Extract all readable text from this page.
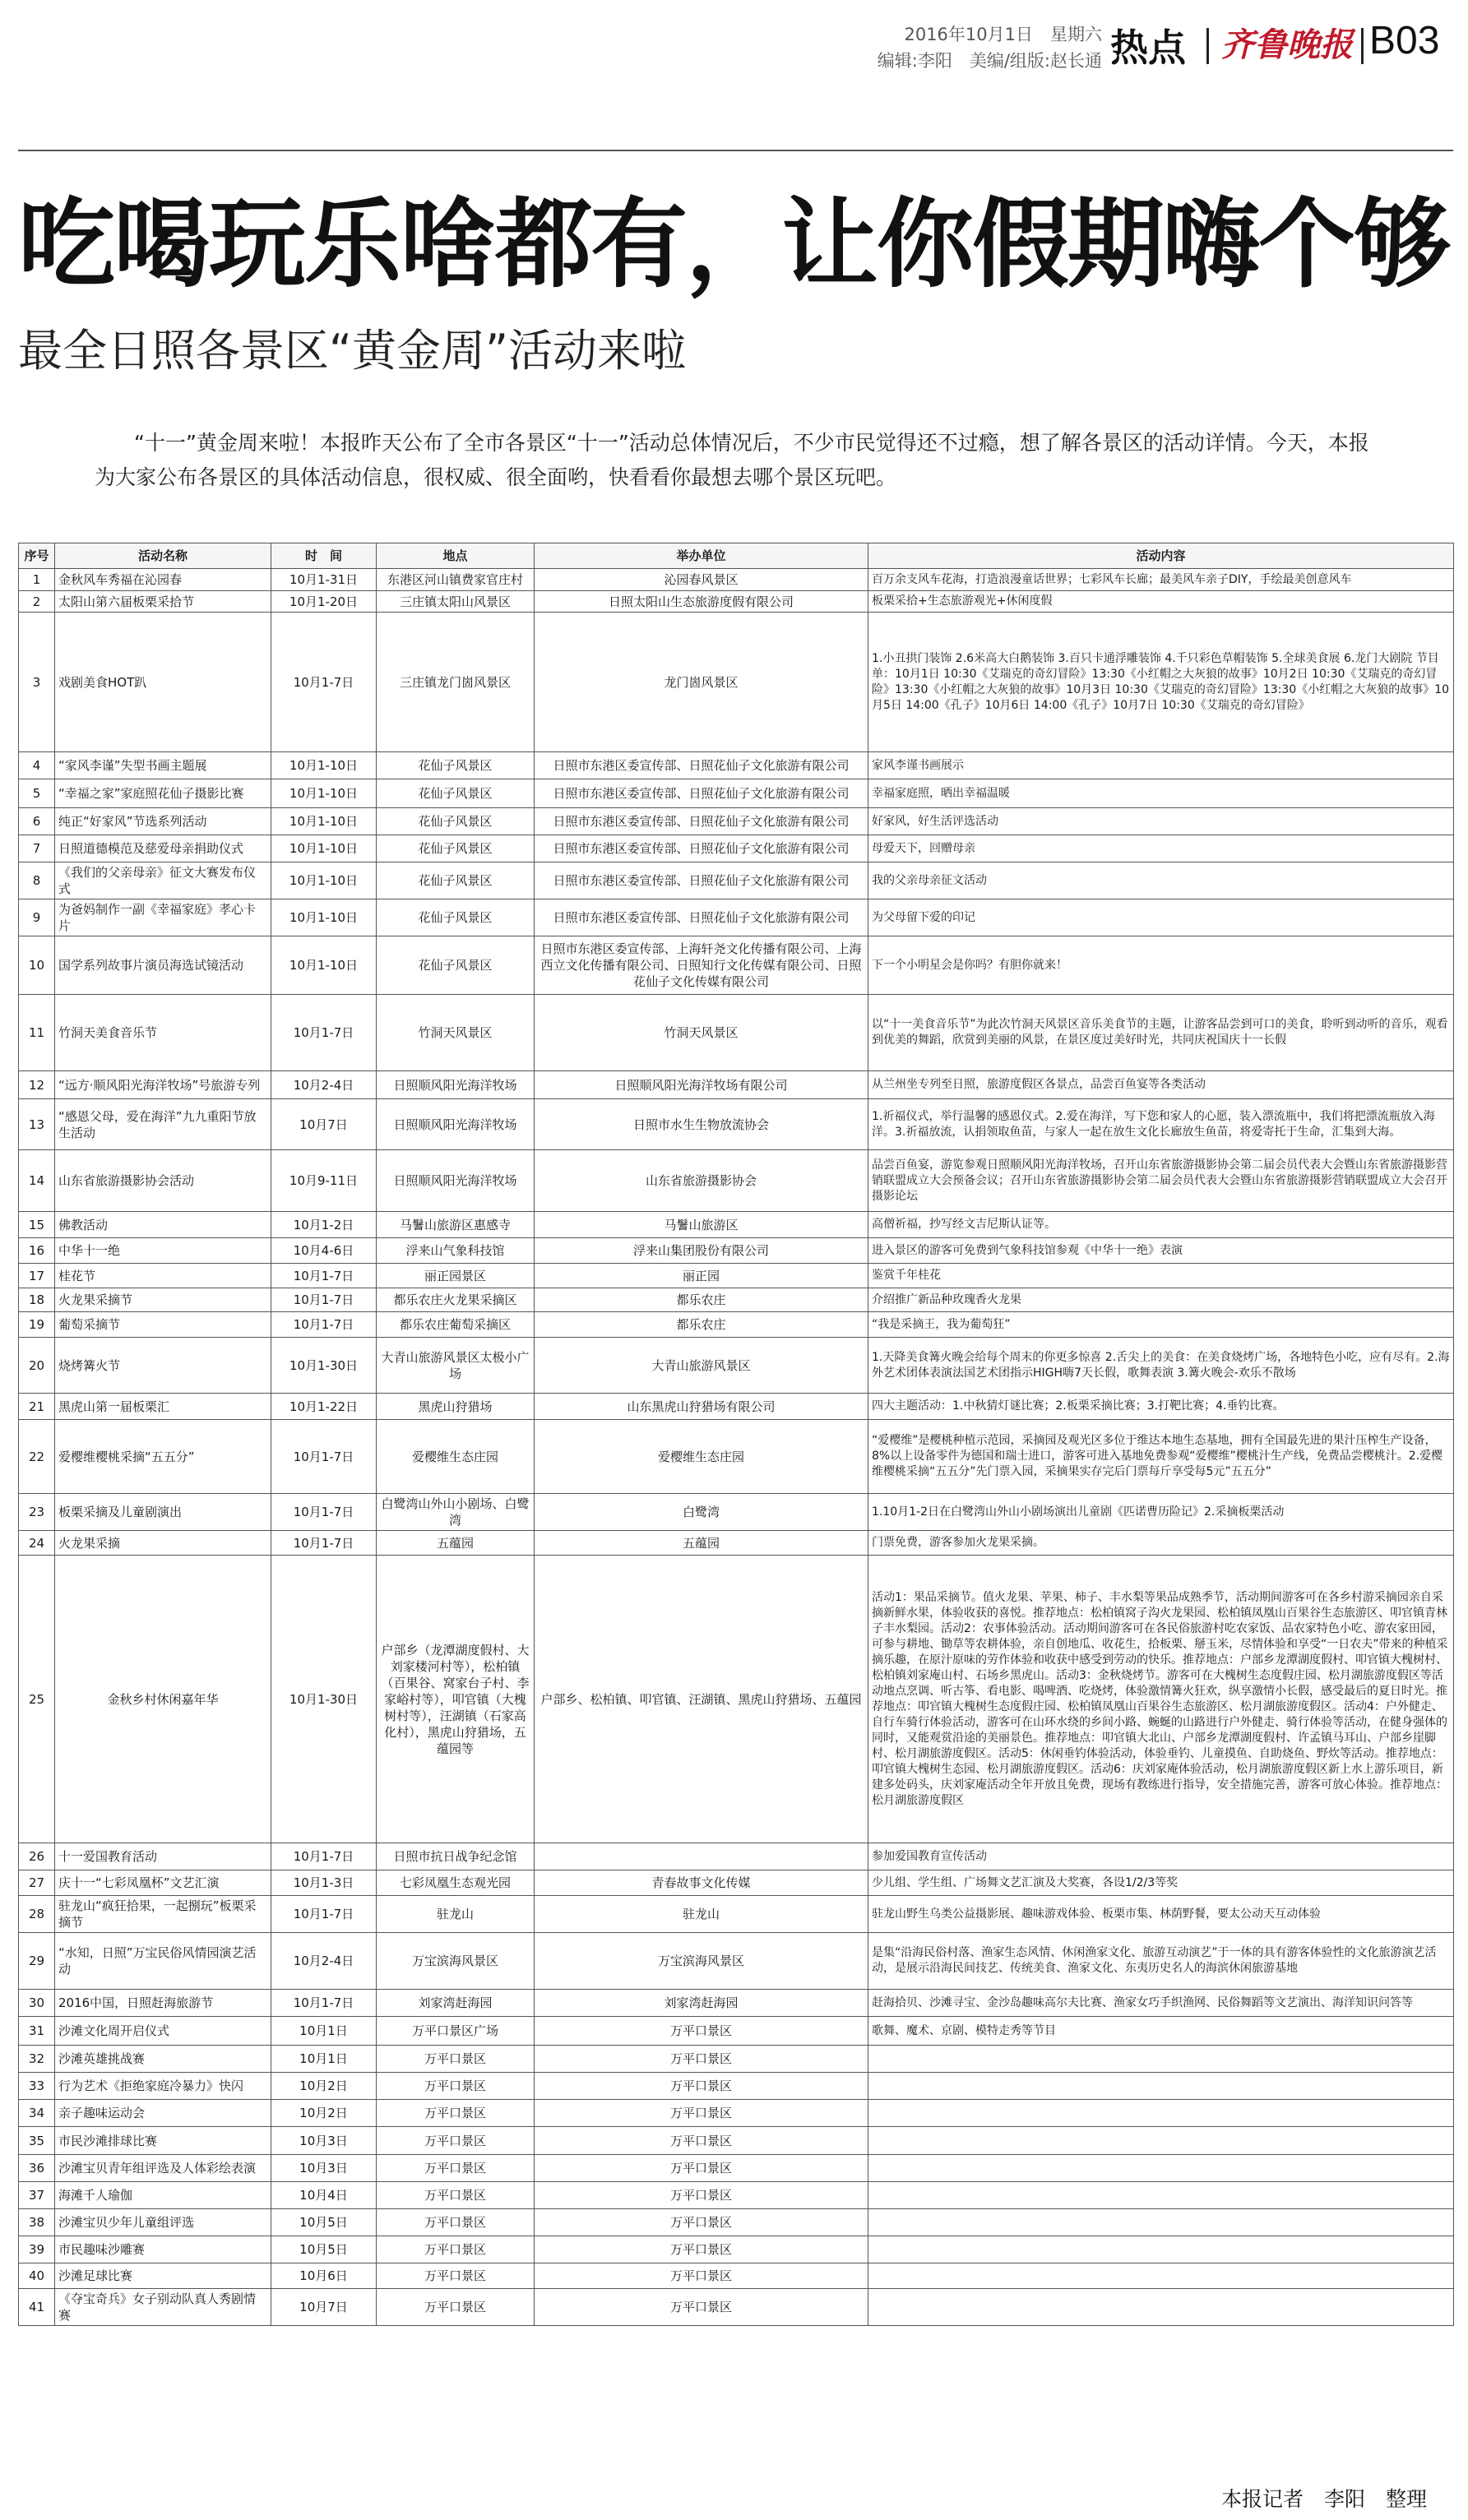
2016年10月1日　星期六
编辑:李阳　美编/组版:赵长通 热点 齐鲁晚报 B03
吃喝玩乐啥都有，让你假期嗨个够
最全日照各景区“黄金周”活动来啦
“十一”黄金周来啦！本报昨天公布了全市各景区“十一”活动总体情况后，不少市民觉得还不过瘾，想了解各景区的活动详情。今天，本报为大家公布各景区的具体活动信息，很权威、很全面哟，快看看你最想去哪个景区玩吧。
序号	活动名称	时　间	地点	举办单位	活动内容
1	金秋风车秀福在沁园春	10月1-31日	东港区河山镇费家官庄村	沁园春风景区	百万余支风车花海，打造浪漫童话世界；七彩风车长廊；最美风车亲子DIY，手绘最美创意风车
2	太阳山第六届板栗采拾节	10月1-20日	三庄镇太阳山风景区	日照太阳山生态旅游度假有限公司	板栗采拾+生态旅游观光+休闲度假
3	戏剧美食HOT趴	10月1-7日	三庄镇龙门崮风景区	龙门崮风景区	1.小丑拱门装饰 2.6米高大白鹅装饰 3.百只卡通浮雕装饰 4.千只彩色草帽装饰 5.全球美食展 6.龙门大剧院 节目单：10月1日 10:30《艾瑞克的奇幻冒险》13:30《小红帽之大灰狼的故事》10月2日 10:30《艾瑞克的奇幻冒险》13:30《小红帽之大灰狼的故事》10月3日 10:30《艾瑞克的奇幻冒险》13:30《小红帽之大灰狼的故事》10月5日 14:00《孔子》10月6日 14:00《孔子》10月7日 10:30《艾瑞克的奇幻冒险》
4	“家风李谨”失型书画主题展	10月1-10日	花仙子风景区	日照市东港区委宣传部、日照花仙子文化旅游有限公司	家风李谨书画展示
5	“幸福之家”家庭照花仙子摄影比赛	10月1-10日	花仙子风景区	日照市东港区委宣传部、日照花仙子文化旅游有限公司	幸福家庭照，晒出幸福温暖
6	纯正“好家风”节选系列活动	10月1-10日	花仙子风景区	日照市东港区委宣传部、日照花仙子文化旅游有限公司	好家风，好生活评选活动
7	日照道德模范及慈爱母亲捐助仪式	10月1-10日	花仙子风景区	日照市东港区委宣传部、日照花仙子文化旅游有限公司	母爱天下，回赠母亲
8	《我们的父亲母亲》征文大赛发布仪式	10月1-10日	花仙子风景区	日照市东港区委宣传部、日照花仙子文化旅游有限公司	我的父亲母亲征文活动
9	为爸妈制作一副《幸福家庭》孝心卡片	10月1-10日	花仙子风景区	日照市东港区委宣传部、日照花仙子文化旅游有限公司	为父母留下爱的印记
10	国学系列故事片演员海选试镜活动	10月1-10日	花仙子风景区	日照市东港区委宣传部、上海轩尧文化传播有限公司、上海西立文化传播有限公司、日照知行文化传媒有限公司、日照花仙子文化传媒有限公司	下一个小明星会是你吗？有胆你就来！
11	竹洞天美食音乐节	10月1-7日	竹洞天风景区	竹洞天风景区	以“十一美食音乐节”为此次竹洞天风景区音乐美食节的主题，让游客品尝到可口的美食，聆听到动听的音乐，观看到优美的舞蹈，欣赏到美丽的风景，在景区度过美好时光，共同庆祝国庆十一长假
12	“远方·顺风阳光海洋牧场”号旅游专列	10月2-4日	日照顺风阳光海洋牧场	日照顺风阳光海洋牧场有限公司	从兰州坐专列至日照，旅游度假区各景点，品尝百鱼宴等各类活动
13	“感恩父母，爱在海洋”九九重阳节放生活动	10月7日	日照顺风阳光海洋牧场	日照市水生生物放流协会	1.祈福仪式，举行温馨的感恩仪式。2.爱在海洋，写下您和家人的心愿，装入漂流瓶中，我们将把漂流瓶放入海洋。3.祈福放流，认捐领取鱼苗，与家人一起在放生文化长廊放生鱼苗，将爱寄托于生命，汇集到大海。
14	山东省旅游摄影协会活动	10月9-11日	日照顺风阳光海洋牧场	山东省旅游摄影协会	品尝百鱼宴，游览参观日照顺风阳光海洋牧场，召开山东省旅游摄影协会第二届会员代表大会暨山东省旅游摄影营销联盟成立大会预备会议；召开山东省旅游摄影协会第二届会员代表大会暨山东省旅游摄影营销联盟成立大会召开摄影论坛
15	佛教活动	10月1-2日	马鬐山旅游区惠感寺	马鬐山旅游区	高僧祈福，抄写经文吉尼斯认证等。
16	中华十一绝	10月4-6日	浮来山气象科技馆	浮来山集团股份有限公司	进入景区的游客可免费到气象科技馆参观《中华十一绝》表演
17	桂花节	10月1-7日	丽正园景区	丽正园	鉴赏千年桂花
18	火龙果采摘节	10月1-7日	都乐农庄火龙果采摘区	都乐农庄	介绍推广新品种玫瑰香火龙果
19	葡萄采摘节	10月1-7日	都乐农庄葡萄采摘区	都乐农庄	“我是采摘王，我为葡萄狂”
20	烧烤篝火节	10月1-30日	大青山旅游风景区太极小广场	大青山旅游风景区	1.天降美食篝火晚会给每个周末的你更多惊喜 2.舌尖上的美食：在美食烧烤广场，各地特色小吃，应有尽有。2.海外艺术团体表演法国艺术团指示HIGH嗨7天长假，歌舞表演 3.篝火晚会-欢乐不散场
21	黑虎山第一届板栗汇	10月1-22日	黑虎山狩猎场	山东黑虎山狩猎场有限公司	四大主题活动：1.中秋猜灯谜比赛；2.板栗采摘比赛；3.打靶比赛；4.垂钓比赛。
22	爱樱维樱桃采摘“五五分”	10月1-7日	爱樱维生态庄园	爱樱维生态庄园	“爱樱维”是樱桃种植示范园，采摘园及观光区多位于维达本地生态基地，拥有全国最先进的果汁压榨生产设备，8%以上设备零件为德国和瑞士进口，游客可进入基地免费参观“爱樱维”樱桃汁生产线，免费品尝樱桃汁。2.爱樱维樱桃采摘“五五分”先门票入园，采摘果实存完后门票每斤享受每5元”五五分”
23	板栗采摘及儿童剧演出	10月1-7日	白鹭湾山外山小剧场、白鹭湾	白鹭湾	1.10月1-2日在白鹭湾山外山小剧场演出儿童剧《匹诺曹历险记》2.采摘板栗活动
24	火龙果采摘	10月1-7日	五蕴园	五蕴园	门票免费，游客参加火龙果采摘。
25	金秋乡村休闲嘉年华	10月1-30日	户部乡（龙潭湖度假村、大刘家楼河村等），松柏镇（百果谷、窝家台子村、李家峪村等），叩官镇（大槐树村等），汪湖镇（石家高化村），黑虎山狩猎场，五蕴园等	户部乡、松柏镇、叩官镇、汪湖镇、黑虎山狩猎场、五蕴园	活动1：果品采摘节。值火龙果、苹果、柿子、丰水梨等果品成熟季节，活动期间游客可在各乡村游采摘园亲自采摘新鲜水果，体验收获的喜悦。推荐地点：松柏镇窝子沟火龙果园、松柏镇凤凰山百果谷生态旅游区、叩官镇青林子丰水梨园。活动2：农事体验活动。活动期间游客可在各民俗旅游村吃农家饭、品农家特色小吃、游农家田园，可参与耕地、锄草等农耕体验，亲自创地瓜、收花生，拾板栗、掰玉米，尽情体验和享受“一日农夫”带来的种植采摘乐趣，在原汁原味的劳作体验和收获中感受到劳动的快乐。推荐地点：户部乡龙潭湖度假村、叩官镇大槐树村、松柏镇刘家庵山村、石场乡黑虎山。活动3：金秋烧烤节。游客可在大槐树生态度假庄园、松月湖旅游度假区等活动地点烹调、听古筝、看电影、喝啤酒、吃烧烤，体验激情篝火狂欢，纵享激情小长假，感受最后的夏日时光。推荐地点：叩官镇大槐树生态度假庄园、松柏镇凤凰山百果谷生态旅游区、松月湖旅游度假区。活动4：户外健走、自行车骑行体验活动，游客可在山环水绕的乡间小路、蜿蜒的山路进行户外健走、骑行体验等活动，在健身强体的同时，又能观赏沿途的美丽景色。推荐地点：叩官镇大北山、户部乡龙潭湖度假村、许孟镇马耳山、户部乡崖脚村、松月湖旅游度假区。活动5：休闲垂钓体验活动，体验垂钓、儿童摸鱼、自助烧鱼、野炊等活动。推荐地点：叩官镇大槐树生态园、松月湖旅游度假区。活动6：庆刘家庵体验活动，松月湖旅游度假区新上水上游乐项目，新建多处码头，庆刘家庵活动全年开放且免费，现场有教练进行指导，安全措施完善，游客可放心体验。推荐地点：松月湖旅游度假区
26	十一爱国教育活动	10月1-7日	日照市抗日战争纪念馆		参加爱国教育宣传活动
27	庆十一“七彩凤凰杯”文艺汇演	10月1-3日	七彩凤凰生态观光园	青春故事文化传媒	少儿组、学生组、广场舞文艺汇演及大奖赛，各设1/2/3等奖
28	驻龙山“疯狂拾果，一起捌玩”板栗采摘节	10月1-7日	驻龙山	驻龙山	驻龙山野生乌类公益摄影展、趣味游戏体验、板栗市集、林荫野餐，要太公动天互动体验
29	“水知，日照”万宝民俗风情园演艺活动	10月2-4日	万宝滨海风景区	万宝滨海风景区	是集“沿海民俗村落、渔家生态风情、休闲渔家文化、旅游互动演艺”于一体的具有游客体验性的文化旅游演艺活动，是展示沿海民间技艺、传统美食、渔家文化、东夷历史名人的海滨休闲旅游基地
30	2016中国，日照赶海旅游节	10月1-7日	刘家湾赶海园	刘家湾赶海园	赶海拾贝、沙滩寻宝、金沙岛趣味高尔夫比赛、渔家女巧手织渔网、民俗舞蹈等文艺演出、海洋知识问答等
31	沙滩文化周开启仪式	10月1日	万平口景区广场	万平口景区	歌舞、魔术、京剧、模特走秀等节目
32	沙滩英雄挑战赛	10月1日	万平口景区	万平口景区	
33	行为艺术《拒绝家庭冷暴力》快闪	10月2日	万平口景区	万平口景区	
34	亲子趣味运动会	10月2日	万平口景区	万平口景区	
35	市民沙滩排球比赛	10月3日	万平口景区	万平口景区	
36	沙滩宝贝青年组评选及人体彩绘表演	10月3日	万平口景区	万平口景区	
37	海滩千人瑜伽	10月4日	万平口景区	万平口景区	
38	沙滩宝贝少年儿童组评选	10月5日	万平口景区	万平口景区	
39	市民趣味沙雕赛	10月5日	万平口景区	万平口景区	
40	沙滩足球比赛	10月6日	万平口景区	万平口景区	
41	《夺宝奇兵》女子别动队真人秀剧情赛	10月7日	万平口景区	万平口景区	
本报记者　李阳　整理
